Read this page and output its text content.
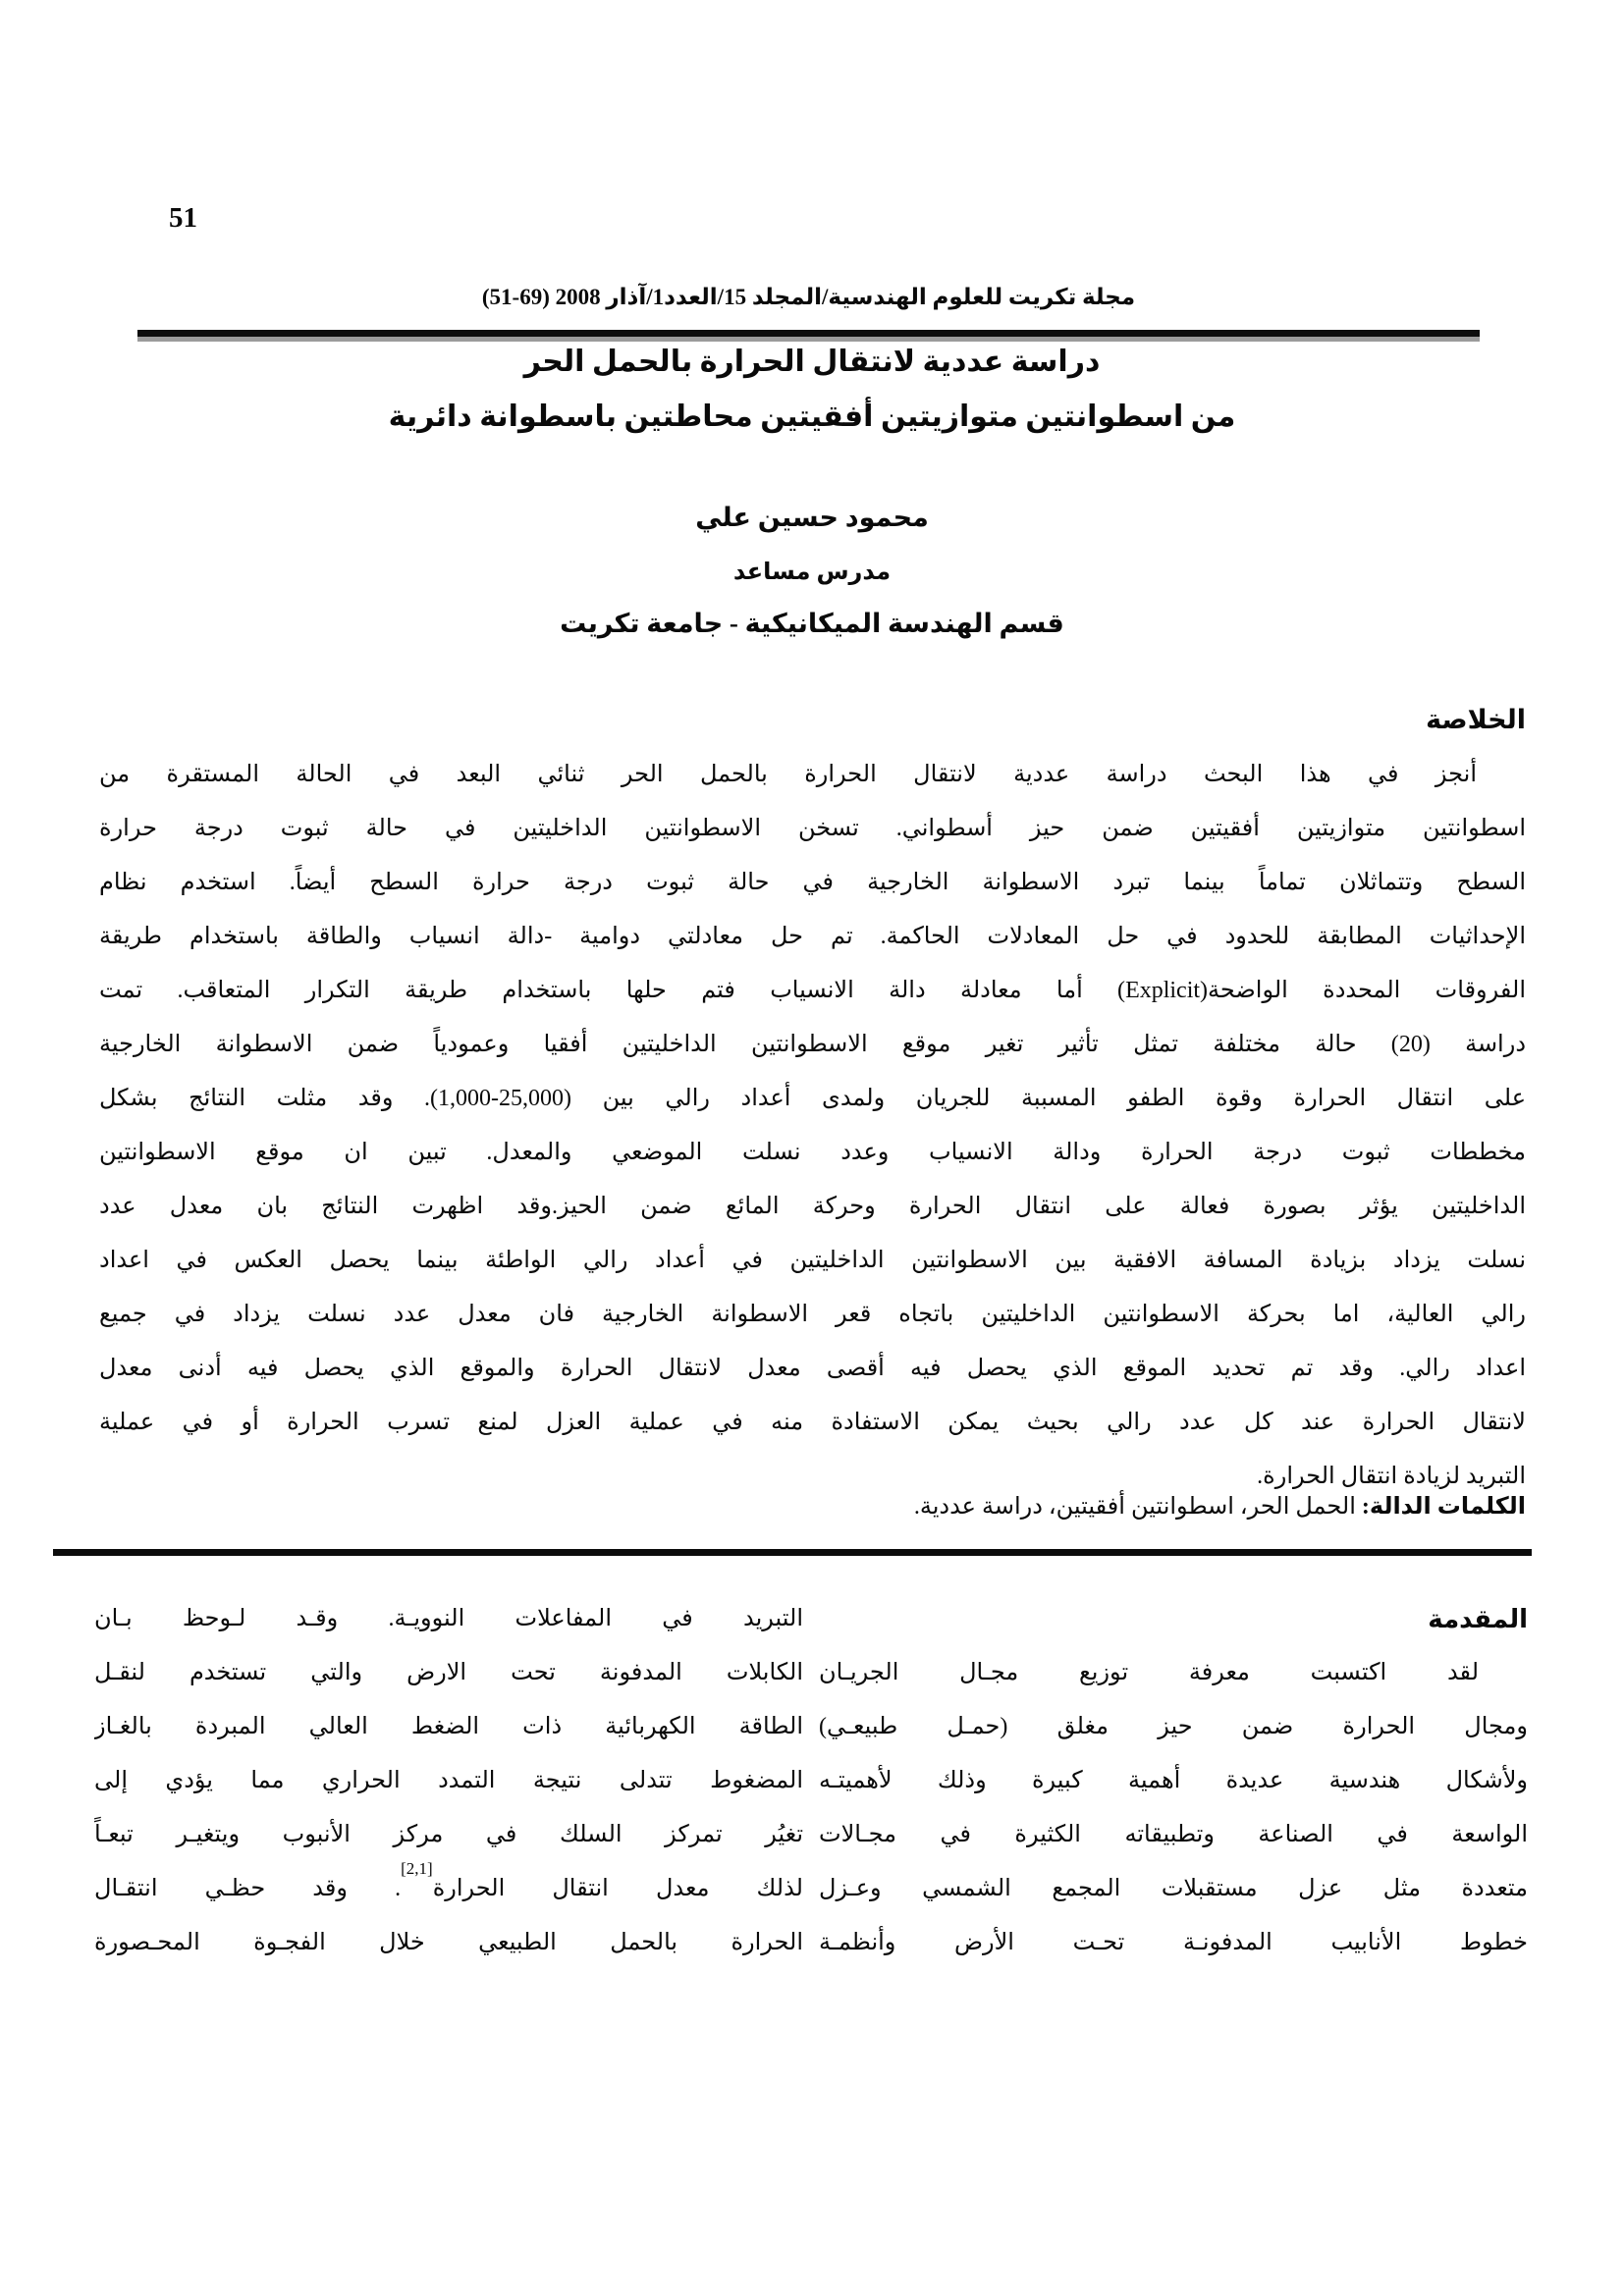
51
مجلة تكريت للعلوم الهندسية/المجلد 15/العدد1/آذار 2008 (69-51)
دراسة عددية لانتقال الحرارة بالحمل الحر
من اسطوانتين متوازيتين أفقيتين محاطتين باسطوانة دائرية
محمود حسين علي
مدرس مساعد
قسم الهندسة الميكانيكية - جامعة تكريت
الخلاصة
أنجز في هذا البحث دراسة عددية لانتقال الحرارة بالحمل الحر ثنائي البعد في الحالة المستقرة من
اسطوانتين متوازيتين أفقيتين ضمن حيز أسطواني. تسخن الاسطوانتين الداخليتين في حالة ثبوت درجة حرارة
السطح وتتماثلان تماماً بينما تبرد الاسطوانة الخارجية في حالة ثبوت درجة حرارة السطح أيضاً. استخدم نظام
الإحداثيات المطابقة للحدود في حل المعادلات الحاكمة. تم حل معادلتي دوامية -دالة انسياب والطاقة باستخدام طريقة
الفروقات المحددة الواضحة(Explicit) أما معادلة دالة الانسياب فتم حلها باستخدام طريقة التكرار المتعاقب. تمت
دراسة (20) حالة مختلفة تمثل تأثير تغير موقع الاسطوانتين الداخليتين أفقيا وعمودياً ضمن الاسطوانة الخارجية
على انتقال الحرارة وقوة الطفو المسببة للجريان ولمدى أعداد رالي بين (25,000-1,000). وقد مثلت النتائج بشكل
مخططات ثبوت درجة الحرارة ودالة الانسياب وعدد نسلت الموضعي والمعدل. تبين ان موقع الاسطوانتين
الداخليتين يؤثر بصورة فعالة على انتقال الحرارة وحركة المائع ضمن الحيز.وقد اظهرت النتائج بان معدل عدد
نسلت يزداد بزيادة المسافة الافقية بين الاسطوانتين الداخليتين في أعداد رالي الواطئة بينما يحصل العكس في اعداد
رالي العالية، اما بحركة الاسطوانتين الداخليتين باتجاه قعر الاسطوانة الخارجية فان معدل عدد نسلت يزداد في جميع
اعداد رالي. وقد تم تحديد الموقع الذي يحصل فيه أقصى معدل لانتقال الحرارة والموقع الذي يحصل فيه أدنى معدل
لانتقال الحرارة عند كل عدد رالي بحيث يمكن الاستفادة منه في عملية العزل لمنع تسرب الحرارة أو في عملية
التبريد لزيادة انتقال الحرارة.
الكلمات الدالة: الحمل الحر، اسطوانتين أفقيتين، دراسة عددية.
المقدمة
لقد اكتسبت معرفة توزيع مجـال الجريـان
ومجال الحرارة ضمن حيز مغلق (حمـل طبيعـي)
ولأشكال هندسية عديدة أهمية كبيرة وذلك لأهميتـه
الواسعة في الصناعة وتطبيقاته الكثيرة في مجـالات
متعددة مثل عزل مستقبلات المجمع الشمسي وعـزل
خطوط الأنابيب المدفونـة تحـت الأرض وأنظمـة
التبريد في المفاعلات النوويـة. وقـد لـوحظ بـان
الكابلات المدفونة تحت الارض والتي تستخدم لنقـل
الطاقة الكهربائية ذات الضغط العالي المبردة بالغـاز
المضغوط تتدلى نتيجة التمدد الحراري مما يؤدي إلى
تغيُر تمركز السلك في مركز الأنبوب ويتغيـر تبعـاً
لذلك معدل انتقال الحرارة[2,1]. وقد حظـي انتقـال
الحرارة بالحمل الطبيعي خلال الفجـوة المحـصورة
